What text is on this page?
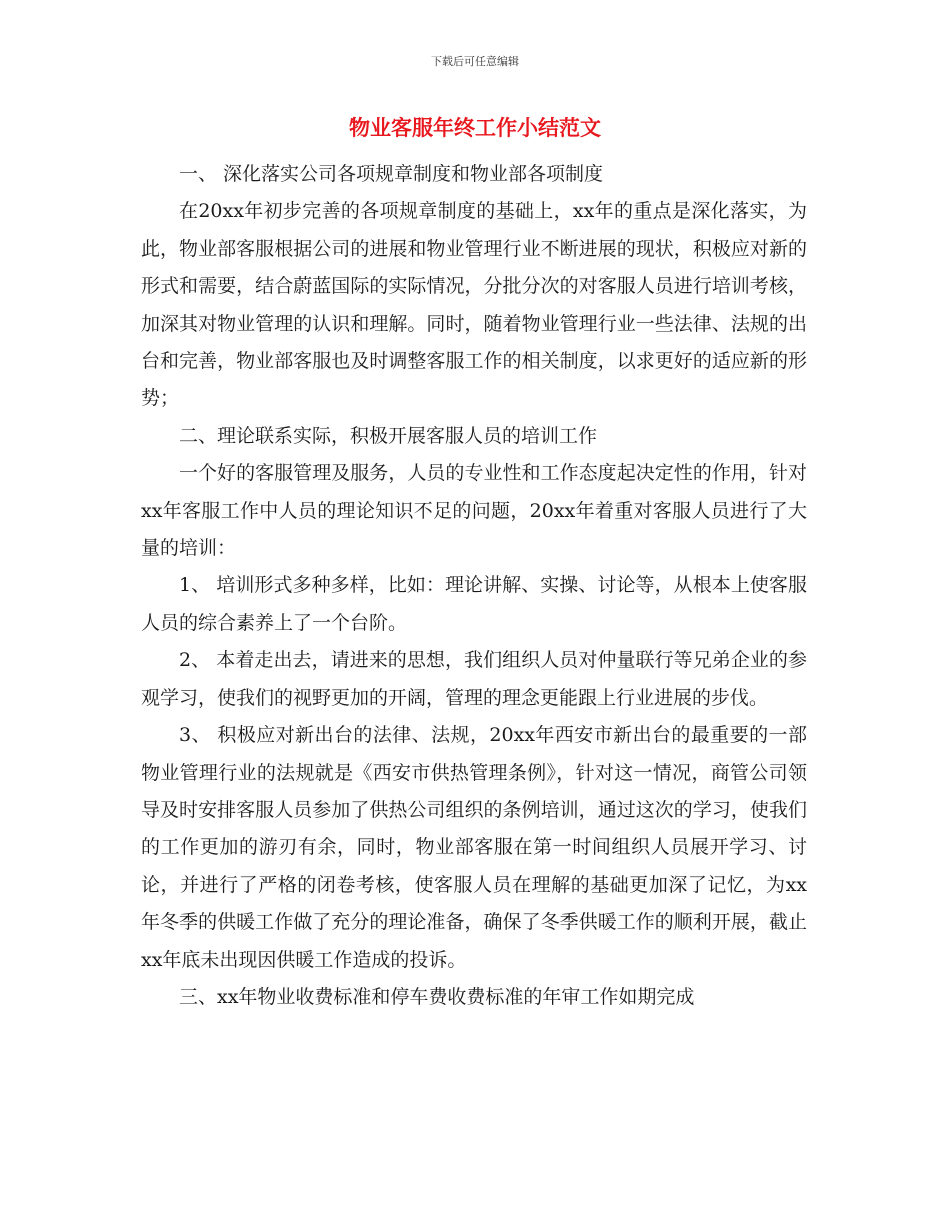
下载后可任意编辑
物业客服年终工作小结范文

一、 深化落实公司各项规章制度和物业部各项制度

在20xx年初步完善的各项规章制度的基础上，xx年的重点是深化落实，为此，物业部客服根据公司的进展和物业管理行业不断进展的现状，积极应对新的形式和需要，结合蔚蓝国际的实际情况，分批分次的对客服人员进行培训考核，加深其对物业管理的认识和理解。同时，随着物业管理行业一些法律、法规的出台和完善，物业部客服也及时调整客服工作的相关制度，以求更好的适应新的形势；

二、理论联系实际，积极开展客服人员的培训工作

一个好的客服管理及服务，人员的专业性和工作态度起决定性的作用，针对xx年客服工作中人员的理论知识不足的问题，20xx年着重对客服人员进行了大量的培训：

1、 培训形式多种多样，比如：理论讲解、实操、讨论等，从根本上使客服人员的综合素养上了一个台阶。

2、 本着走出去，请进来的思想，我们组织人员对仲量联行等兄弟企业的参观学习，使我们的视野更加的开阔，管理的理念更能跟上行业进展的步伐。

3、 积极应对新出台的法律、法规，20xx年西安市新出台的最重要的一部物业管理行业的法规就是《西安市供热管理条例》，针对这一情况，商管公司领导及时安排客服人员参加了供热公司组织的条例培训，通过这次的学习，使我们的工作更加的游刃有余，同时，物业部客服在第一时间组织人员展开学习、讨论，并进行了严格的闭卷考核，使客服人员在理解的基础更加深了记忆，为xx年冬季的供暖工作做了充分的理论准备，确保了冬季供暖工作的顺利开展，截止xx年底未出现因供暖工作造成的投诉。

三、xx年物业收费标准和停车费收费标准的年审工作如期完成
